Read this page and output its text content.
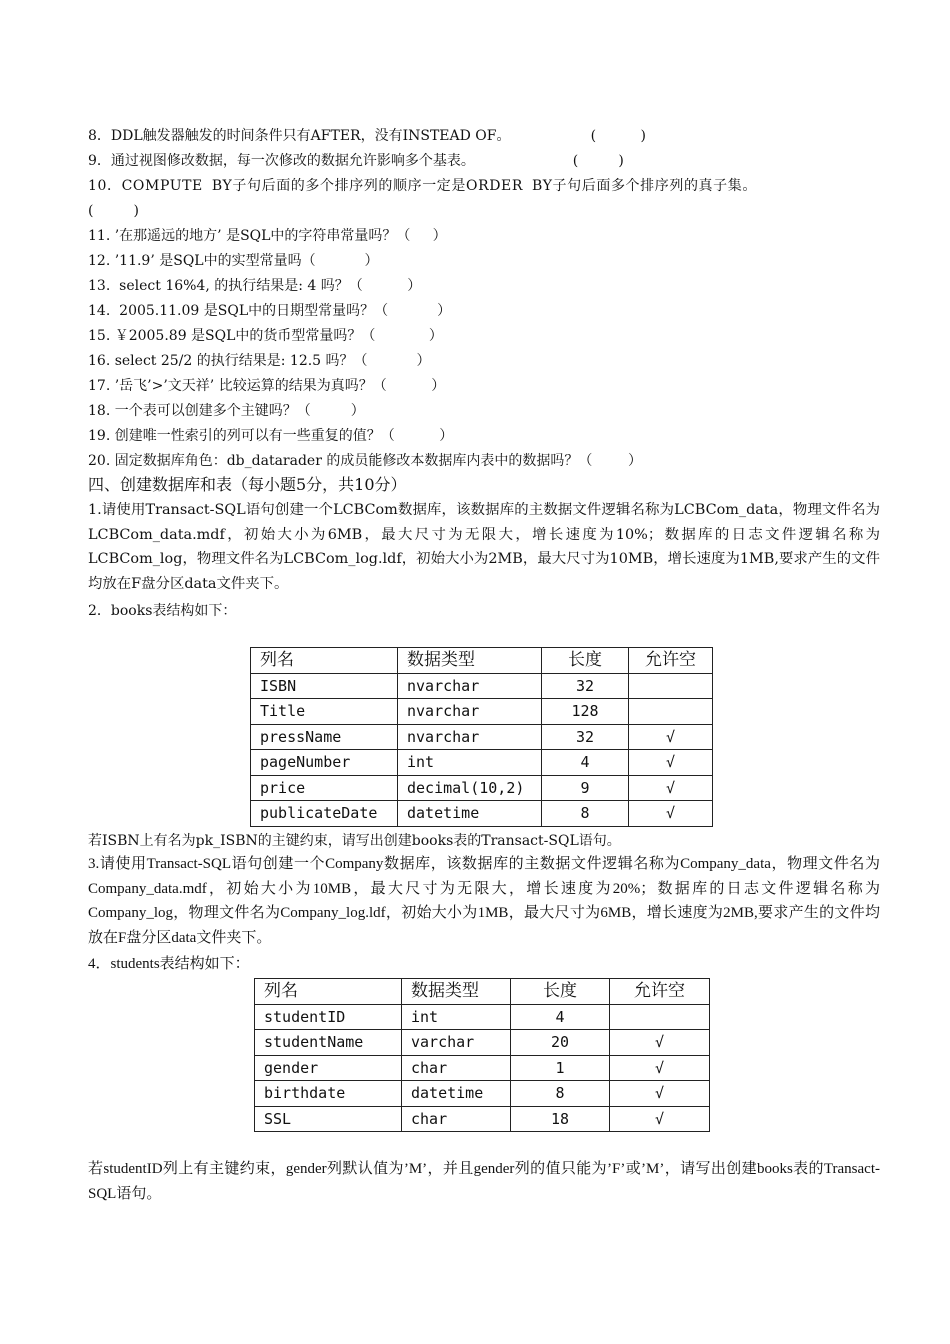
8．DDL触发器触发的时间条件只有AFTER，没有INSTEAD OF。                  (          )
9．通过视图修改数据，每一次修改的数据允许影响多个基表。                      (         )
10．COMPUTE BY子句后面的多个排序列的顺序一定是ORDER BY子句后面多个排序列的真子集。
(         )
11. ’在那遥远的地方’ 是SQL中的字符串常量吗？（     ）
12. ’11.9’ 是SQL中的实型常量吗（           ）
13.  select 16%4, 的执行结果是: 4 吗？（          ）
14.  2005.11.09 是SQL中的日期型常量吗？（           ）
15. ￥2005.89 是SQL中的货币型常量吗？（            ）
16. select 25/2 的执行结果是: 12.5 吗？（           ）
17. ’岳飞’>’文天祥’ 比较运算的结果为真吗？（          ）
18. 一个表可以创建多个主键吗？（         ）
19. 创建唯一性索引的列可以有一些重复的值？（          ）
20. 固定数据库角色：db_datarader 的成员能修改本数据库内表中的数据吗？（        ）
四、创建数据库和表（每小题5分，共10分）
1.请使用Transact-SQL语句创建一个LCBCom数据库，该数据库的主数据文件逻辑名称为LCBCom_data，物理文件名为LCBCom_data.mdf，初始大小为6MB，最大尺寸为无限大，增长速度为10%；数据库的日志文件逻辑名称为LCBCom_log，物理文件名为LCBCom_log.ldf，初始大小为2MB，最大尺寸为10MB，增长速度为1MB,要求产生的文件均放在F盘分区data文件夹下。
2．books表结构如下：
列名	数据类型	长度	允许空
ISBN	nvarchar	32	
Title	nvarchar	128	
pressName	nvarchar	32	√
pageNumber	int	4	√
price	decimal(10,2)	9	√
publicateDate	datetime	8	√
若ISBN上有名为pk_ISBN的主键约束，请写出创建books表的Transact-SQL语句。
3.请使用Transact-SQL语句创建一个Company数据库，该数据库的主数据文件逻辑名称为Company_data，物理文件名为Company_data.mdf，初始大小为10MB，最大尺寸为无限大，增长速度为20%；数据库的日志文件逻辑名称为Company_log，物理文件名为Company_log.ldf，初始大小为1MB，最大尺寸为6MB，增长速度为2MB,要求产生的文件均放在F盘分区data文件夹下。
4．students表结构如下：
列名	数据类型	长度	允许空
studentID	int	4	
studentName	varchar	20	√
gender	char	1	√
birthdate	datetime	8	√
SSL	char	18	√
若studentID列上有主键约束，gender列默认值为’M’，并且gender列的值只能为’F’或’M’，请写出创建books表的Transact-SQL语句。
